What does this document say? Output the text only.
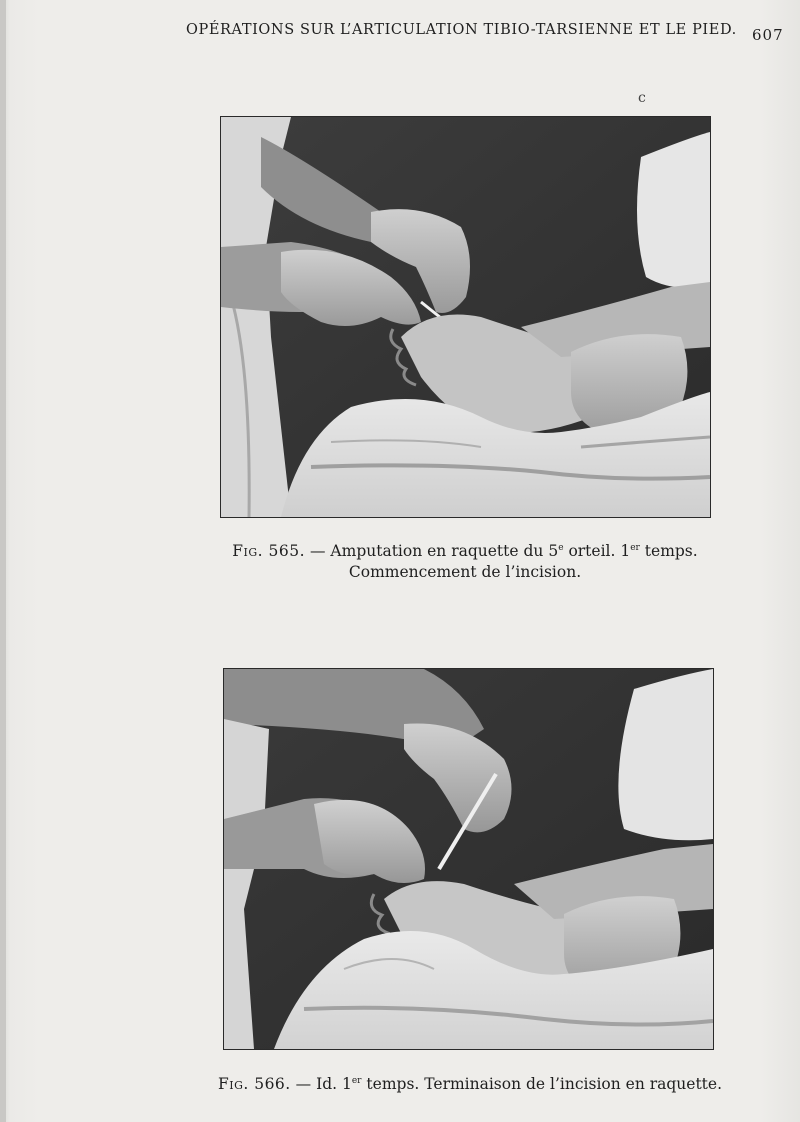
OPÉRATIONS SUR L’ARTICULATION TIBIO-TARSIENNE ET LE PIED. 607
c
Fig. 565. — Amputation en raquette du 5e orteil. 1er temps.
Commencement de l’incision.
Fig. 566. — Id. 1er temps. Terminaison de l’incision en raquette.
